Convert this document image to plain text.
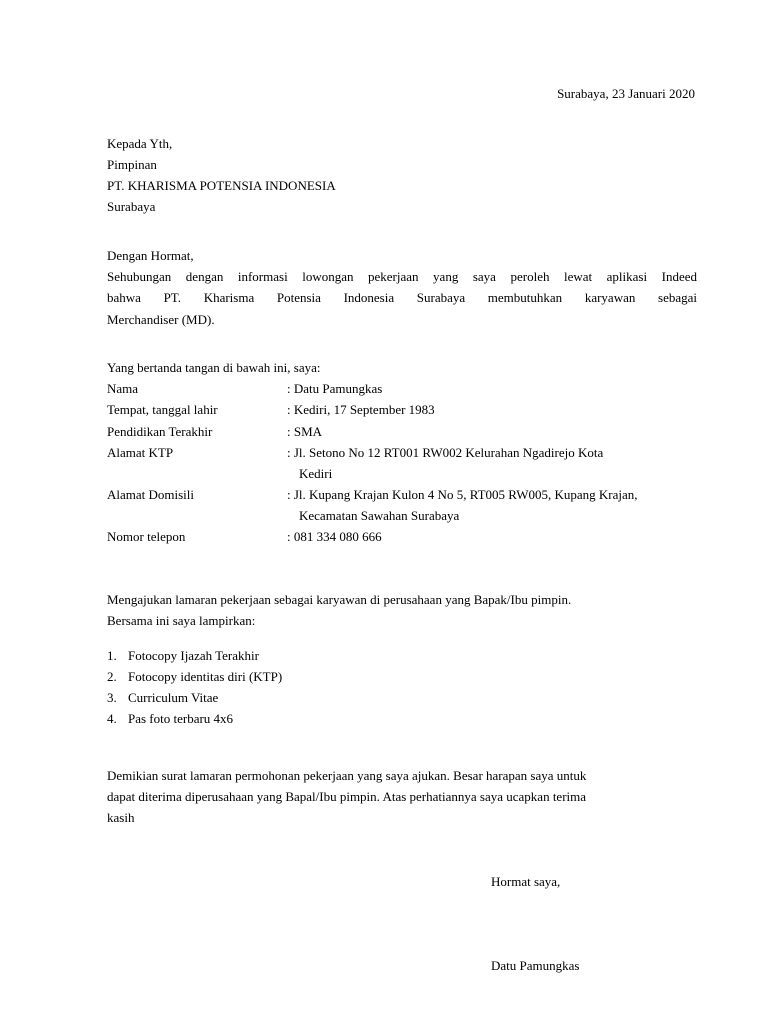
Surabaya, 23 Januari 2020
Kepada Yth,
Pimpinan
PT. KHARISMA POTENSIA INDONESIA
Surabaya
Dengan Hormat,
Sehubungan dengan informasi lowongan pekerjaan yang saya peroleh lewat aplikasi Indeed
bahwa PT. Kharisma Potensia Indonesia Surabaya membutuhkan karyawan sebagai
Merchandiser (MD).
Yang bertanda tangan di bawah ini, saya:
Nama	: Datu Pamungkas
Tempat, tanggal lahir	: Kediri, 17 September 1983
Pendidikan Terakhir	: SMA
Alamat KTP	: Jl. Setono No 12 RT001 RW002 Kelurahan Ngadirejo Kota
Kediri
Alamat Domisili	: Jl. Kupang Krajan Kulon 4 No 5, RT005 RW005, Kupang Krajan,
Kecamatan Sawahan Surabaya
Nomor telepon	: 081 334 080 666
Mengajukan lamaran pekerjaan sebagai karyawan di perusahaan yang Bapak/Ibu pimpin.
Bersama ini saya lampirkan:
1. Fotocopy Ijazah Terakhir
2. Fotocopy identitas diri (KTP)
3. Curriculum Vitae
4. Pas foto terbaru 4x6
Demikian surat lamaran permohonan pekerjaan yang saya ajukan. Besar harapan saya untuk
dapat diterima diperusahaan yang Bapal/Ibu pimpin. Atas perhatiannya saya ucapkan terima
kasih
Hormat saya,
Datu Pamungkas
